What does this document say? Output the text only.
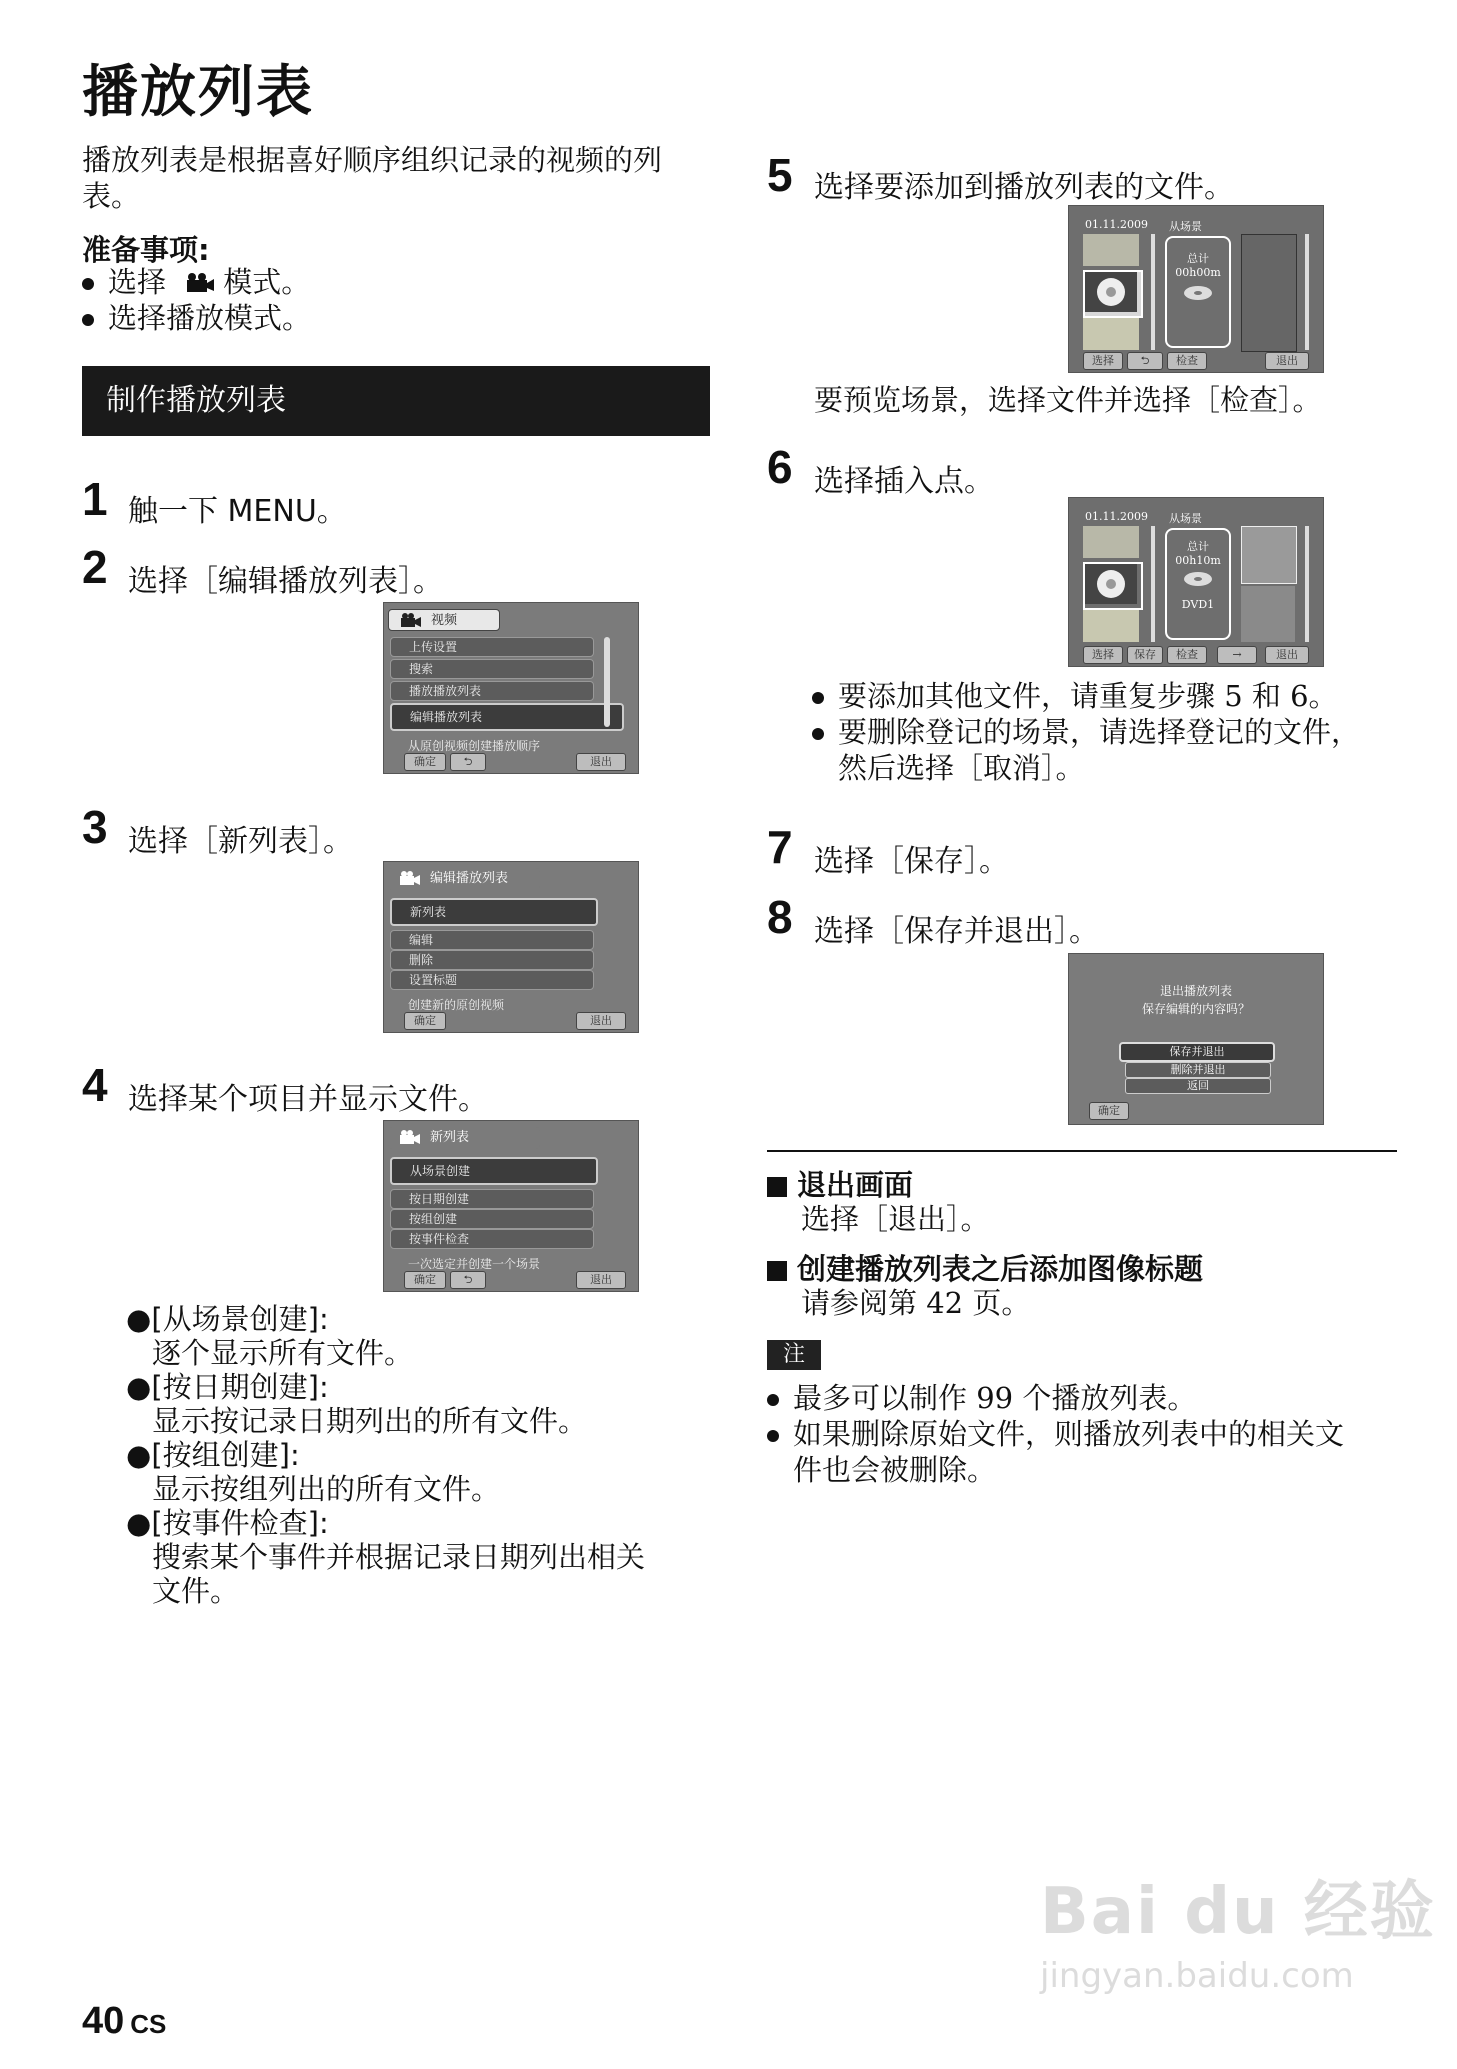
播放列表
播放列表是根据喜好顺序组织记录的视频的列表。
准备事项:
选择 模式。
选择播放模式。
制作播放列表
1 触一下 MENU。
2 选择［编辑播放列表］。
视频
上传设置
搜索
播放播放列表
编辑播放列表
从原创视频创建播放顺序
确定	⮌	退出
3 选择［新列表］。
编辑播放列表
新列表
编辑
删除
设置标题
创建新的原创视频
确定	退出
4 选择某个项目并显示文件。
新列表
从场景创建
按日期创建
按组创建
按事件检查
一次选定并创建一个场景
确定	⮌	退出
●[从场景创建]:
逐个显示所有文件。
●[按日期创建]:
显示按记录日期列出的所有文件。
●[按组创建]:
显示按组列出的所有文件。
●[按事件检查]:
搜索某个事件并根据记录日期列出相关文件。
5 选择要添加到播放列表的文件。
01.11.2009 从场景
总计
00h00m
选择	⮌	检查	退出
要预览场景，选择文件并选择［检查］。
6 选择插入点。
01.11.2009 从场景
总计
00h10m
DVD1
选择	保存	检查	→	退出
要添加其他文件，请重复步骤 5 和 6。
要删除登记的场景，请选择登记的文件，然后选择［取消］。
7 选择［保存］。
8 选择［保存并退出］。
退出播放列表
保存编辑的内容吗？
保存并退出
删除并退出
返回
确定
退出画面
选择［退出］。
创建播放列表之后添加图像标题
请参阅第 42 页。
注
最多可以制作 99 个播放列表。
如果删除原始文件，则播放列表中的相关文件也会被删除。
40 CS
Bai du 经验
jingyan.baidu.com
